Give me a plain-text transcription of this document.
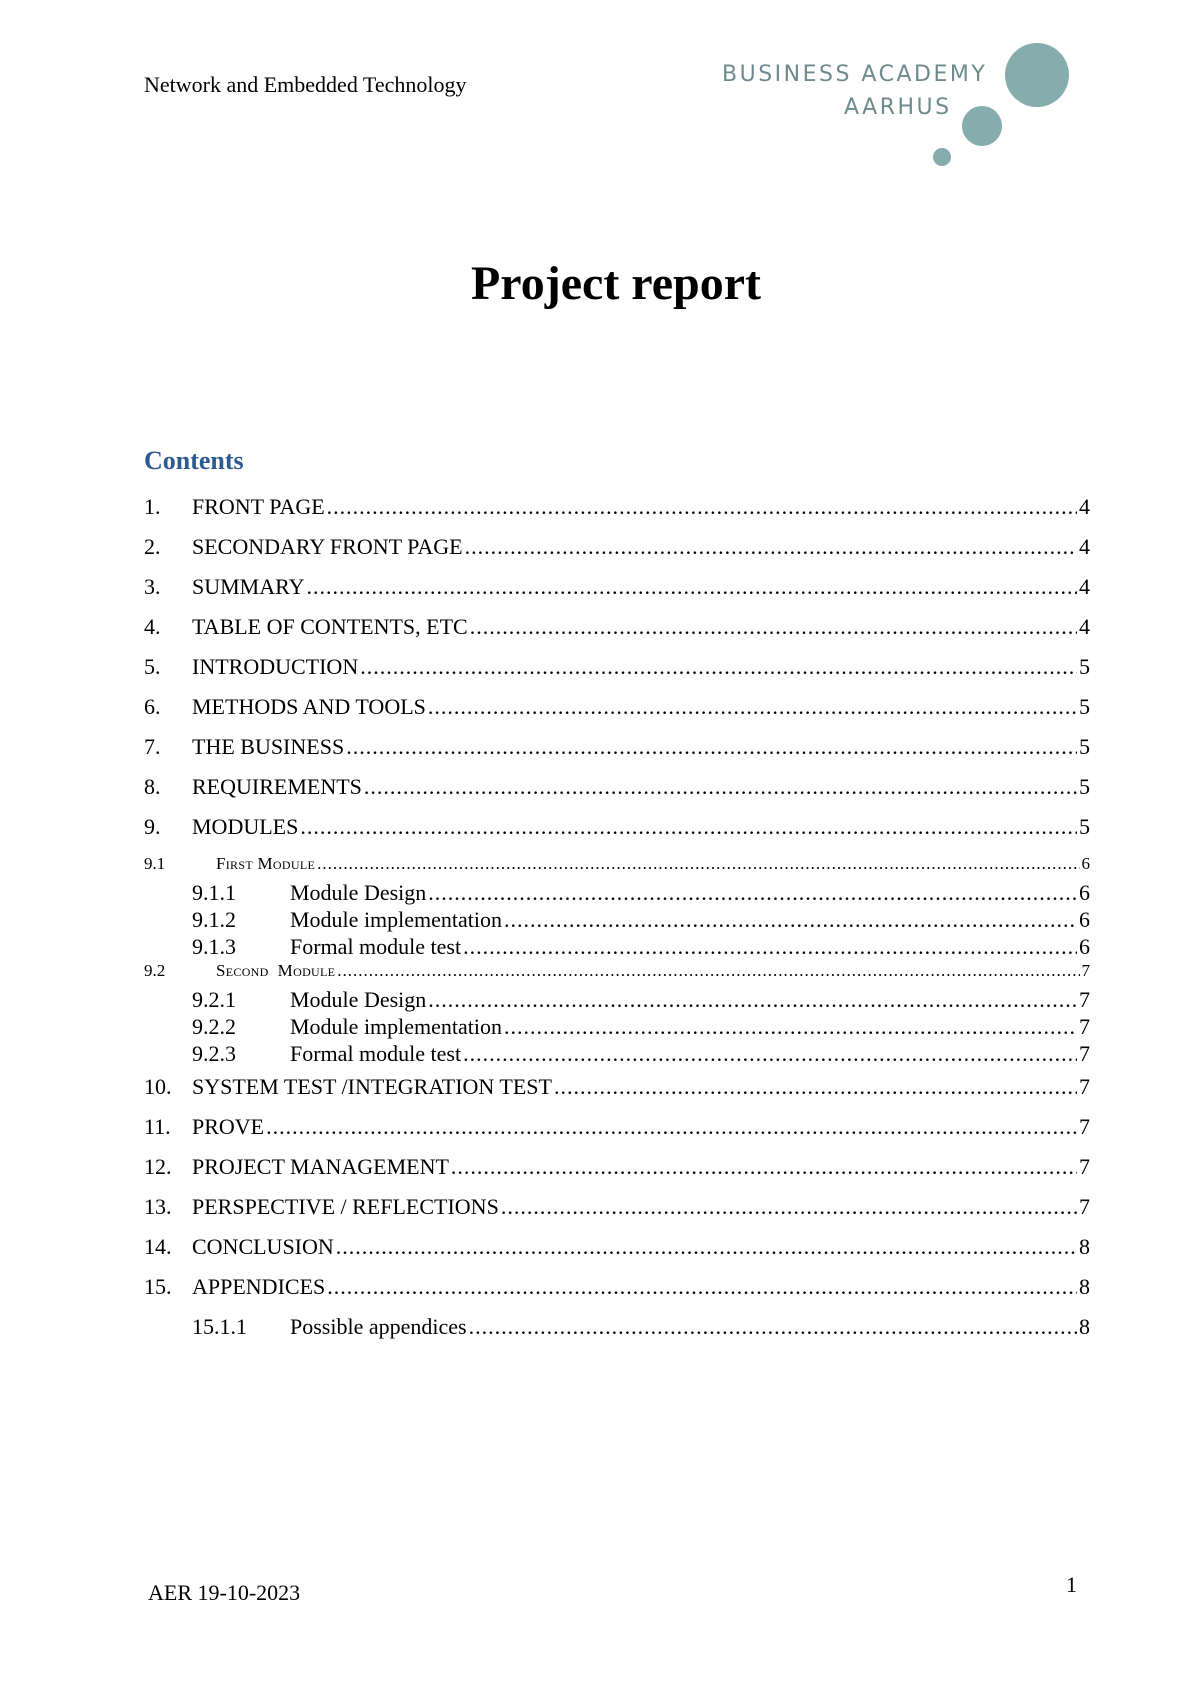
Network and Embedded Technology	BUSINESS ACADEMY
AARHUS
Project report
Contents
1.	FRONT PAGE .....	4
2.	SECONDARY FRONT PAGE .....	4
3.	SUMMARY .....	4
4.	TABLE OF CONTENTS, ETC .....	4
5.	INTRODUCTION .....	5
6.	METHODS AND TOOLS .....	5
7.	THE BUSINESS .....	5
8.	REQUIREMENTS .....	5
9.	MODULES .....	5
9.1	First Module .....	6
9.1.1	Module Design .....	6
9.1.2	Module implementation .....	6
9.1.3	Formal module test .....	6
9.2	Second  Module .....	7
9.2.1	Module Design .....	7
9.2.2	Module implementation .....	7
9.2.3	Formal module test .....	7
10. SYSTEM TEST /INTEGRATION TEST .....	7
11. PROVE .....	7
12. PROJECT MANAGEMENT .....	7
13. PERSPECTIVE / REFLECTIONS .....	7
14. CONCLUSION .....	8
15. APPENDICES .....	8
15.1.1	Possible appendices .....	8
AER 19-10-2023	1
